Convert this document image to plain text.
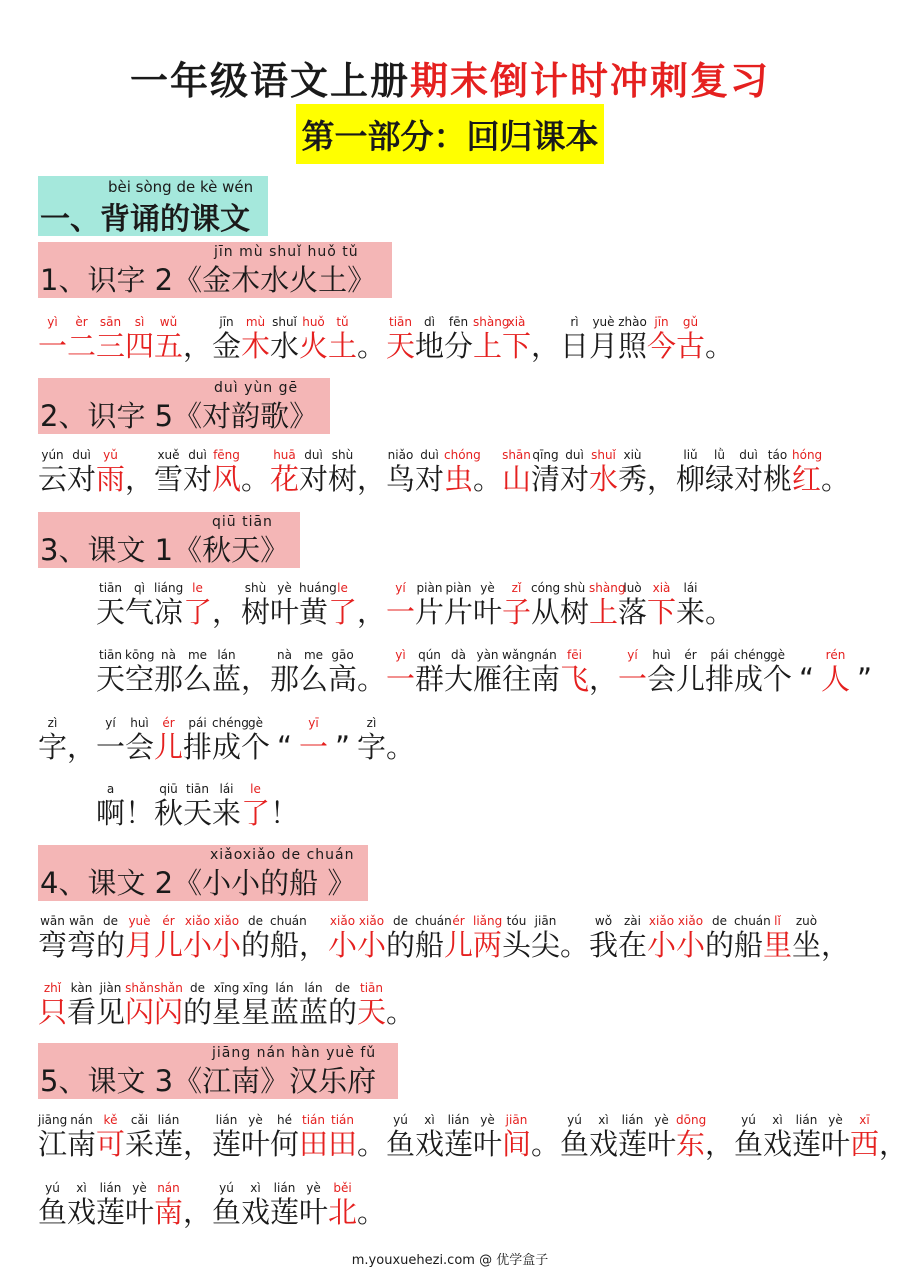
一年级语文上册期末倒计时冲刺复习
第一部分：回归课本
bèi sòng de kè wén
一、背诵的课文
jīn mù shuǐ huǒ tǔ
1、识字 2《金木水火土》
yì
一
èr
二
sān
三
sì
四
wǔ
五 ，
jīn
金
mù
木
shuǐ
水
huǒ
火
tǔ
土 。
tiān
天
dì
地
fēn
分
shàng
上
xià
下 ，
rì
日
yuè
月
zhào
照
jīn
今
gǔ
古 。
duì yùn gē
2、识字 5《对韵歌》
yún
云
duì
对
yǔ
雨 ，
xuě
雪
duì
对
fēng
风 。
huā
花
duì
对
shù
树 ，
niǎo
鸟
duì
对
chóng
虫 。
shān
山
qīng
清
duì
对
shuǐ
水
xiù
秀 ，
liǔ
柳
lǜ
绿
duì
对
táo
桃
hóng
红 。
qiū tiān
3、课文 1《秋天》
tiān
天
qì
气
liáng
凉
le
了 ，
shù
树
yè
叶
huáng
黄
le
了 ，
yí
一
piàn
片
piàn
片
yè
叶
zǐ
子
cóng
从
shù
树
shàng
上
luò
落
xià
下
lái
来 。
tiān
天
kōng
空
nà
那
me
么
lán
蓝 ，
nà
那
me
么
gāo
高 。
yì
一
qún
群
dà
大
yàn
雁
wǎng
往
nán
南
fēi
飞 ，
yí
一
huì
会
ér
儿
pái
排
chéng
成
gè
个 “
rén
人 ”
zì
字 ，
yí
一
huì
会
ér
儿
pái
排
chéng
成
gè
个 “
yī
一 ”
zì
字 。
a
啊 ！
qiū
秋
tiān
天
lái
来
le
了 ！
xiǎoxiǎo de chuán
4、课文 2《小小的船 》
wān
弯
wān
弯
de
的
yuè
月
ér
儿
xiǎo
小
xiǎo
小
de
的
chuán
船 ，
xiǎo
小
xiǎo
小
de
的
chuán
船
ér
儿
liǎng
两
tóu
头
jiān
尖 。
wǒ
我
zài
在
xiǎo
小
xiǎo
小
de
的
chuán
船
lǐ
里
zuò
坐 ，
zhǐ
只
kàn
看
jiàn
见
shǎn
闪
shǎn
闪
de
的
xīng
星
xīng
星
lán
蓝
lán
蓝
de
的
tiān
天 。
jiāng nán hàn yuè fǔ
5、课文 3《江南》汉乐府
jiāng
江
nán
南
kě
可
cǎi
采
lián
莲 ，
lián
莲
yè
叶
hé
何
tián
田
tián
田 。
yú
鱼
xì
戏
lián
莲
yè
叶
jiān
间 。
yú
鱼
xì
戏
lián
莲
yè
叶
dōng
东 ，
yú
鱼
xì
戏
lián
莲
yè
叶
xī
西 ，
yú
鱼
xì
戏
lián
莲
yè
叶
nán
南 ，
yú
鱼
xì
戏
lián
莲
yè
叶
běi
北 。
m.youxuehezi.com @ 优学盒子
